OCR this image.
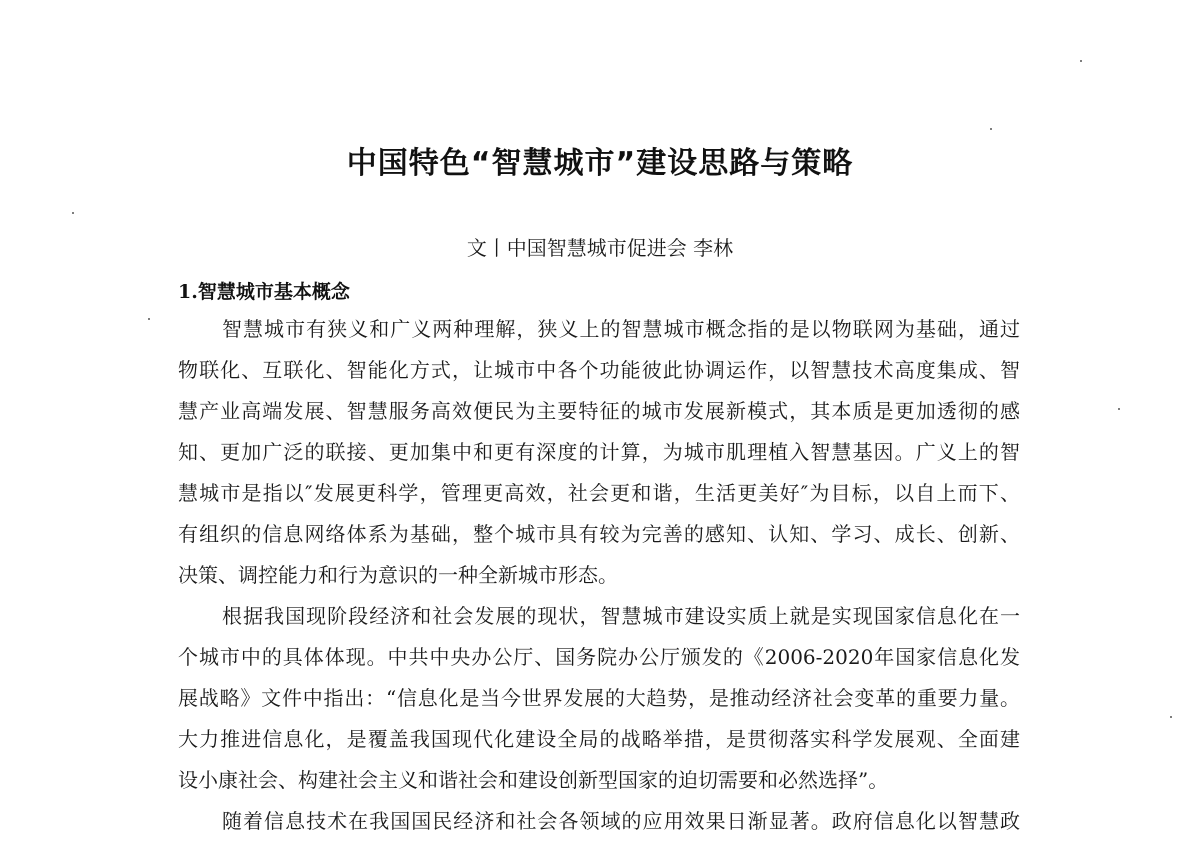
中国特色“智慧城市”建设思路与策略
文丨中国智慧城市促进会 李林
1.智慧城市基本概念

智慧城市有狭义和广义两种理解，狭义上的智慧城市概念指的是以物联网为基础，通过
物联化、互联化、智能化方式，让城市中各个功能彼此协调运作，以智慧技术高度集成、智
慧产业高端发展、智慧服务高效便民为主要特征的城市发展新模式，其本质是更加透彻的感
知、更加广泛的联接、更加集中和更有深度的计算，为城市肌理植入智慧基因。广义上的智
慧城市是指以″发展更科学，管理更高效，社会更和谐，生活更美好″为目标，以自上而下、
有组织的信息网络体系为基础，整个城市具有较为完善的感知、认知、学习、成长、创新、
决策、调控能力和行为意识的一种全新城市形态。

根据我国现阶段经济和社会发展的现状，智慧城市建设实质上就是实现国家信息化在一
个城市中的具体体现。中共中央办公厅、国务院办公厅颁发的《2006-2020年国家信息化发
展战略》文件中指出：“信息化是当今世界发展的大趋势，是推动经济社会变革的重要力量。
大力推进信息化，是覆盖我国现代化建设全局的战略举措，是贯彻落实科学发展观、全面建
设小康社会、构建社会主义和谐社会和建设创新型国家的迫切需要和必然选择”。

随着信息技术在我国国民经济和社会各领域的应用效果日渐显著。政府信息化以智慧政
